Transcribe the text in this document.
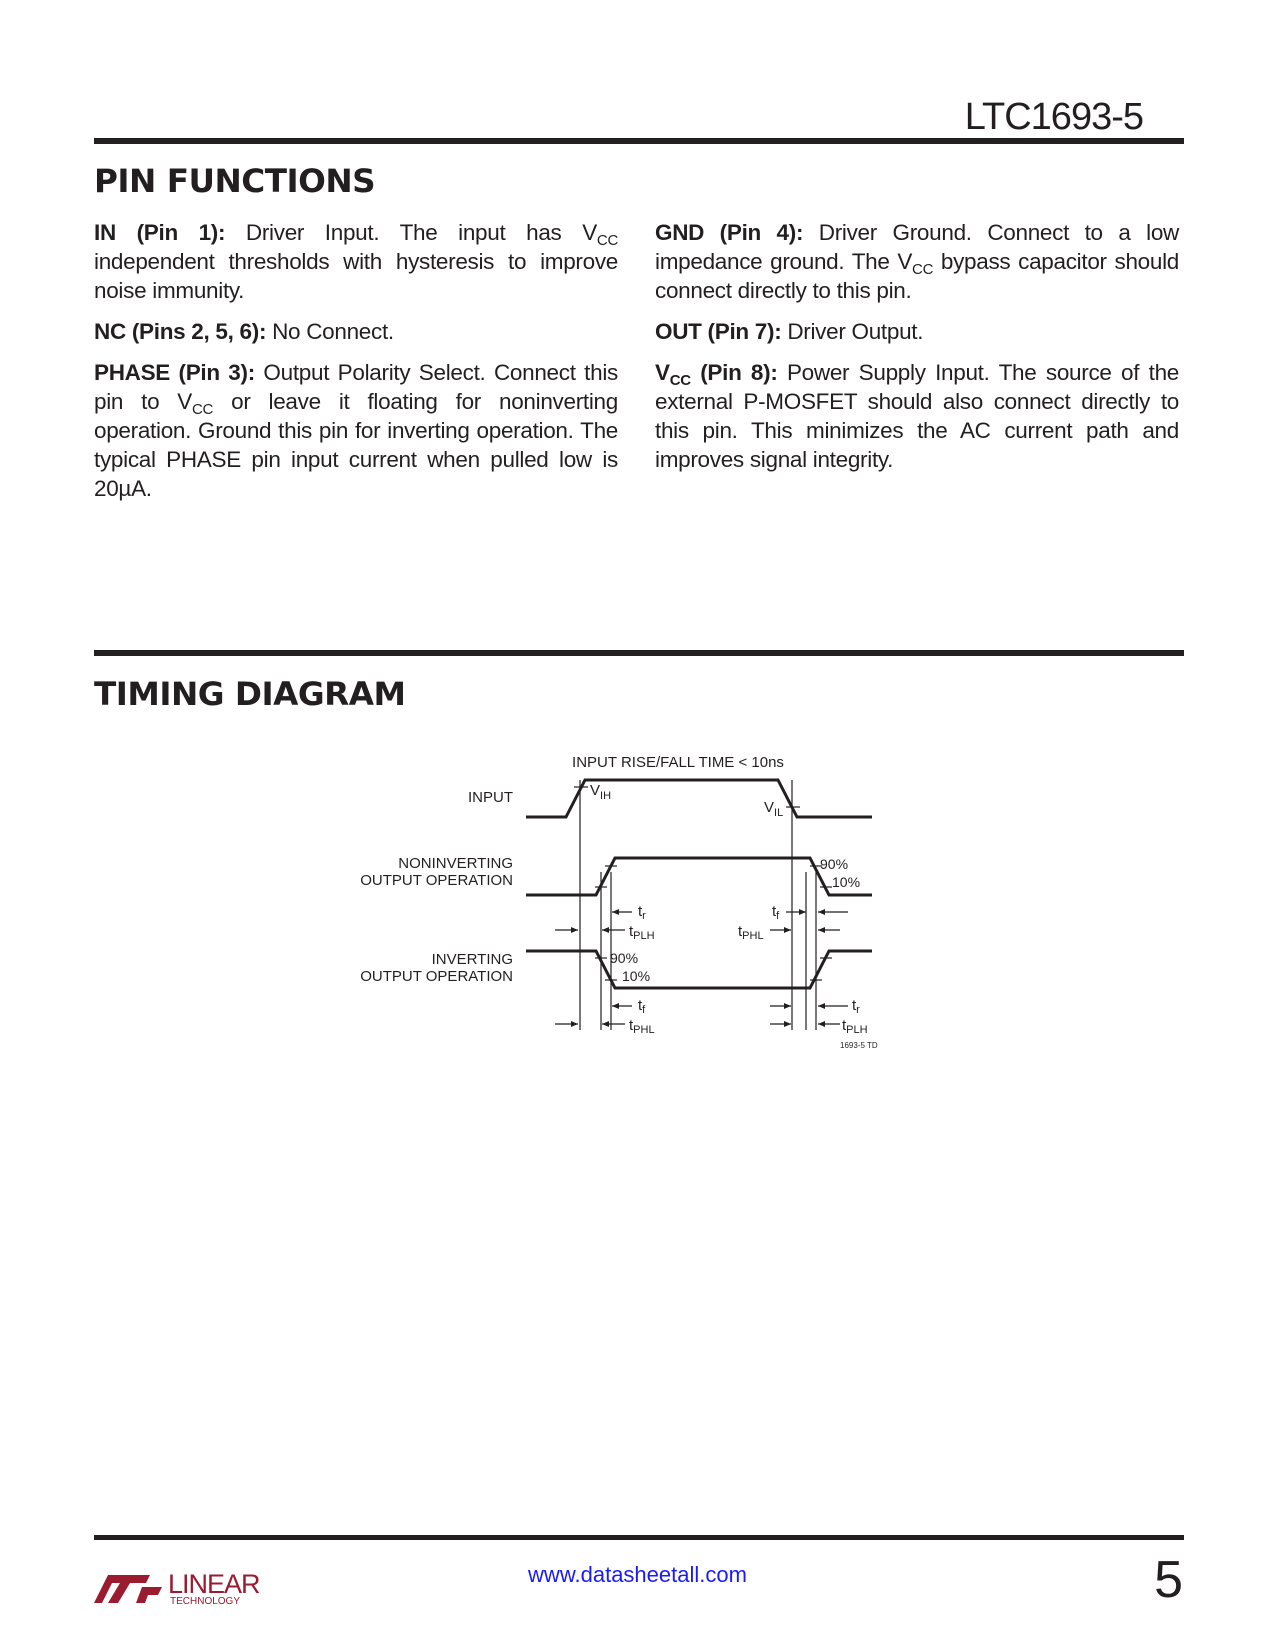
LTC1693-5
PIN FUNCTIONS

IN (Pin 1): Driver Input. The input has $V_{CC}$ independent thresholds with hysteresis to improve noise immunity.

NC (Pins 2, 5, 6): No Connect.

PHASE (Pin 3): Output Polarity Select. Connect this pin to $V_{CC}$ or leave it floating for noninverting operation. Ground this pin for inverting operation. The typical PHASE pin input current when pulled low is 20µA.

GND (Pin 4): Driver Ground. Connect to a low impedance ground. The $V_{CC}$ bypass capacitor should connect directly to this pin.

OUT (Pin 7): Driver Output.

$V_{CC}$ (Pin 8): Power Supply Input. The source of the external P-MOSFET should also connect directly to this pin. This minimizes the AC current path and improves signal integrity.

TIMING DIAGRAM
INPUT RISE/FALL TIME < 10ns
INPUT	$V_{IH}$
$V_{IL}$
NONINVERTING
OUTPUT OPERATION
90%
10%
$t_r$
$t_{PLH}$
$t_f$
$t_{PHL}$
INVERTING
OUTPUT OPERATION
90%
10%
$t_f$
$t_{PHL}$
$t_r$
$t_{PLH}$
1693-5 TD
LINEAR
TECHNOLOGY
www.datasheetall.com	5
